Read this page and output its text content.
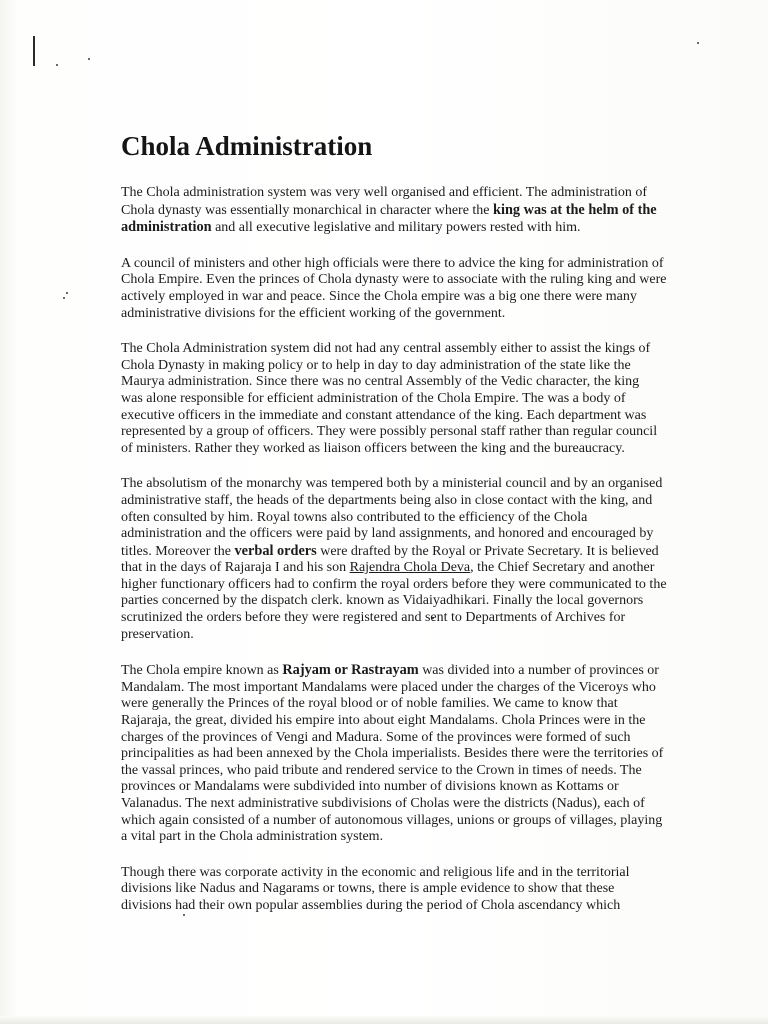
Chola Administration

The Chola administration system was very well organised and efficient. The administration of
Chola dynasty was essentially monarchical in character where the king was at the helm of the
administration and all executive legislative and military powers rested with him.

A council of ministers and other high officials were there to advice the king for administration of
Chola Empire. Even the princes of Chola dynasty were to associate with the ruling king and were
actively employed in war and peace. Since the Chola empire was a big one there were many
administrative divisions for the efficient working of the government.

The Chola Administration system did not had any central assembly either to assist the kings of
Chola Dynasty in making policy or to help in day to day administration of the state like the
Maurya administration. Since there was no central Assembly of the Vedic character, the king
was alone responsible for efficient administration of the Chola Empire. The was a body of
executive officers in the immediate and constant attendance of the king. Each department was
represented by a group of officers. They were possibly personal staff rather than regular council
of ministers. Rather they worked as liaison officers between the king and the bureaucracy.

The absolutism of the monarchy was tempered both by a ministerial council and by an organised
administrative staff, the heads of the departments being also in close contact with the king, and
often consulted by him. Royal towns also contributed to the efficiency of the Chola
administration and the officers were paid by land assignments, and honored and encouraged by
titles. Moreover the verbal orders were drafted by the Royal or Private Secretary. It is believed
that in the days of Rajaraja I and his son Rajendra Chola Deva, the Chief Secretary and another
higher functionary officers had to confirm the royal orders before they were communicated to the
parties concerned by the dispatch clerk. known as Vidaiyadhikari. Finally the local governors
scrutinized the orders before they were registered and sent to Departments of Archives for
preservation.

The Chola empire known as Rajyam or Rastrayam was divided into a number of provinces or
Mandalam. The most important Mandalams were placed under the charges of the Viceroys who
were generally the Princes of the royal blood or of noble families. We came to know that
Rajaraja, the great, divided his empire into about eight Mandalams. Chola Princes were in the
charges of the provinces of Vengi and Madura. Some of the provinces were formed of such
principalities as had been annexed by the Chola imperialists. Besides there were the territories of
the vassal princes, who paid tribute and rendered service to the Crown in times of needs. The
provinces or Mandalams were subdivided into number of divisions known as Kottams or
Valanadus. The next administrative subdivisions of Cholas were the districts (Nadus), each of
which again consisted of a number of autonomous villages, unions or groups of villages, playing
a vital part in the Chola administration system.

Though there was corporate activity in the economic and religious life and in the territorial
divisions like Nadus and Nagarams or towns, there is ample evidence to show that these
divisions had their own popular assemblies during the period of Chola ascendancy which
